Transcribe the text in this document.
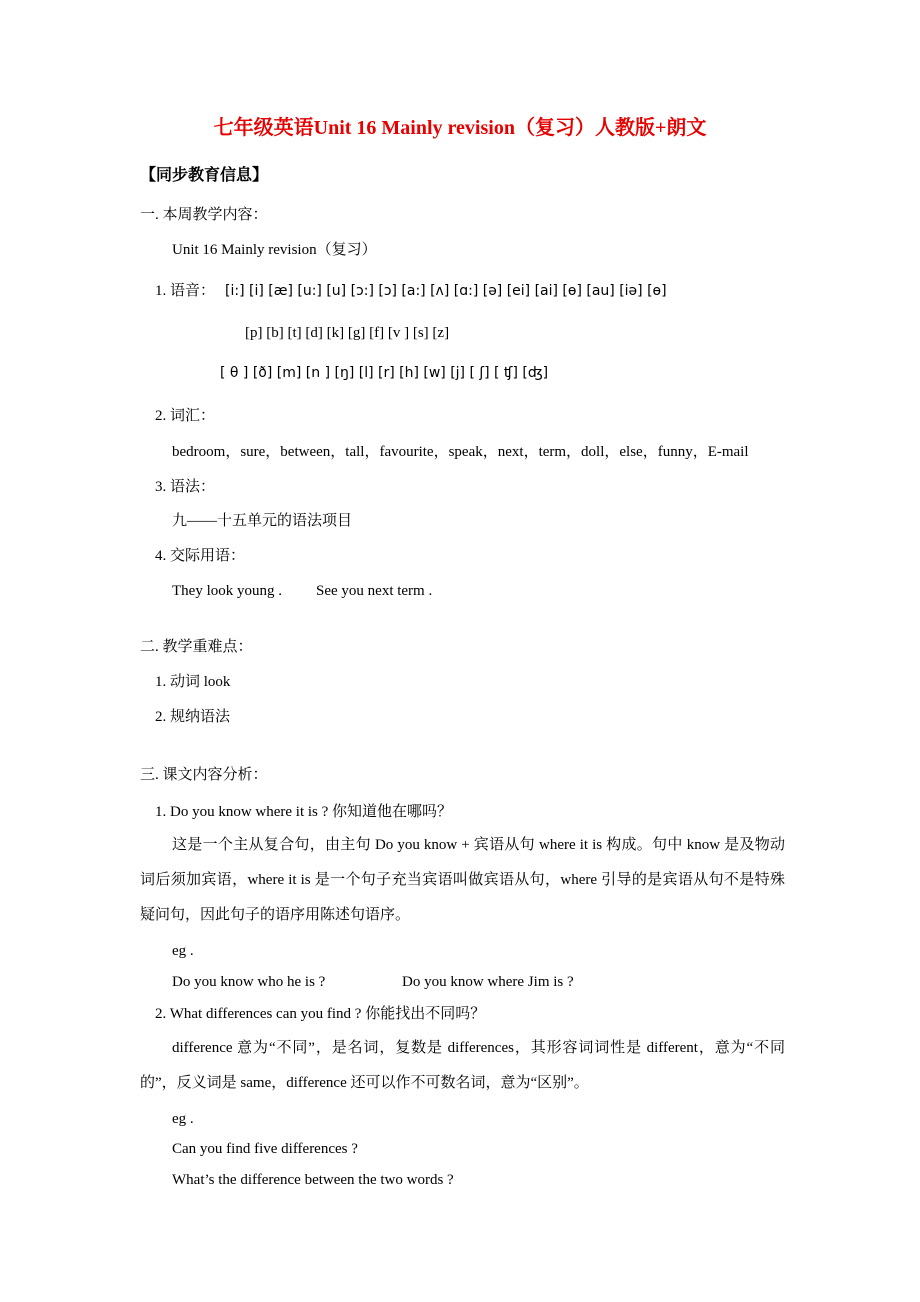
七年级英语Unit 16 Mainly revision（复习）人教版+朗文
【同步教育信息】
一. 本周教学内容：
Unit 16 Mainly revision（复习）
1. 语音： [i:] [i] [æ] [u:] [u] [ɔ:] [ɔ] [a:] [ʌ] [ɑ:] [ə] [ei] [ai] [ɵ] [au] [iə] [ɵ]
[p] [b] [t] [d] [k] [g] [f] [v ] [s] [z]
[ θ ] [ð] [m] [n ] [ŋ] [l] [r] [h] [w] [j] [ ʃ] [ ʧ] [ʤ]
2. 词汇：
bedroom，sure，between，tall，favourite，speak，next，term，doll，else，funny，E-mail
3. 语法：
九——十五单元的语法项目
4. 交际用语：
They look young . See you next term .
二. 教学重难点：
1. 动词 look
2. 规纳语法
三. 课文内容分析：
1. Do you know where it is ? 你知道他在哪吗？
这是一个主从复合句，由主句 Do you know + 宾语从句 where it is 构成。句中 know 是及物动词后须加宾语，where it is 是一个句子充当宾语叫做宾语从句，where 引导的是宾语从句不是特殊疑问句，因此句子的语序用陈述句语序。
eg .
Do you know who he is ?	Do you know where Jim is ?
2. What differences can you find ? 你能找出不同吗？
difference 意为“不同”，是名词，复数是 differences，其形容词词性是 different，意为“不同的”，反义词是 same，difference 还可以作不可数名词，意为“区别”。
eg .
Can you find five differences ?
What’s the difference between the two words ?
